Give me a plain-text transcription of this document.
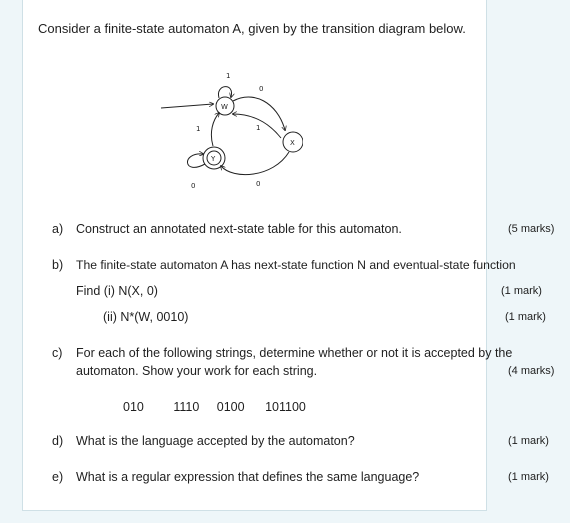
Consider a finite-state automaton A, given by the transition diagram below.
W
X
Y
1
0
1
1
0
0
a) Construct an annotated next-state table for this automaton.	(5 marks)
b) The finite-state automaton A has next-state function N and eventual-state function
Find (i) N(X, 0)	(1 mark)
(ii) N*(W, 0010)	(1 mark)
c) For each of the following strings, determine whether or not it is accepted by the
automaton. Show your work for each string.	(4 marks)
010 1110 0100 101100
d) What is the language accepted by the automaton?	(1 mark)
e) What is a regular expression that defines the same language?	(1 mark)
